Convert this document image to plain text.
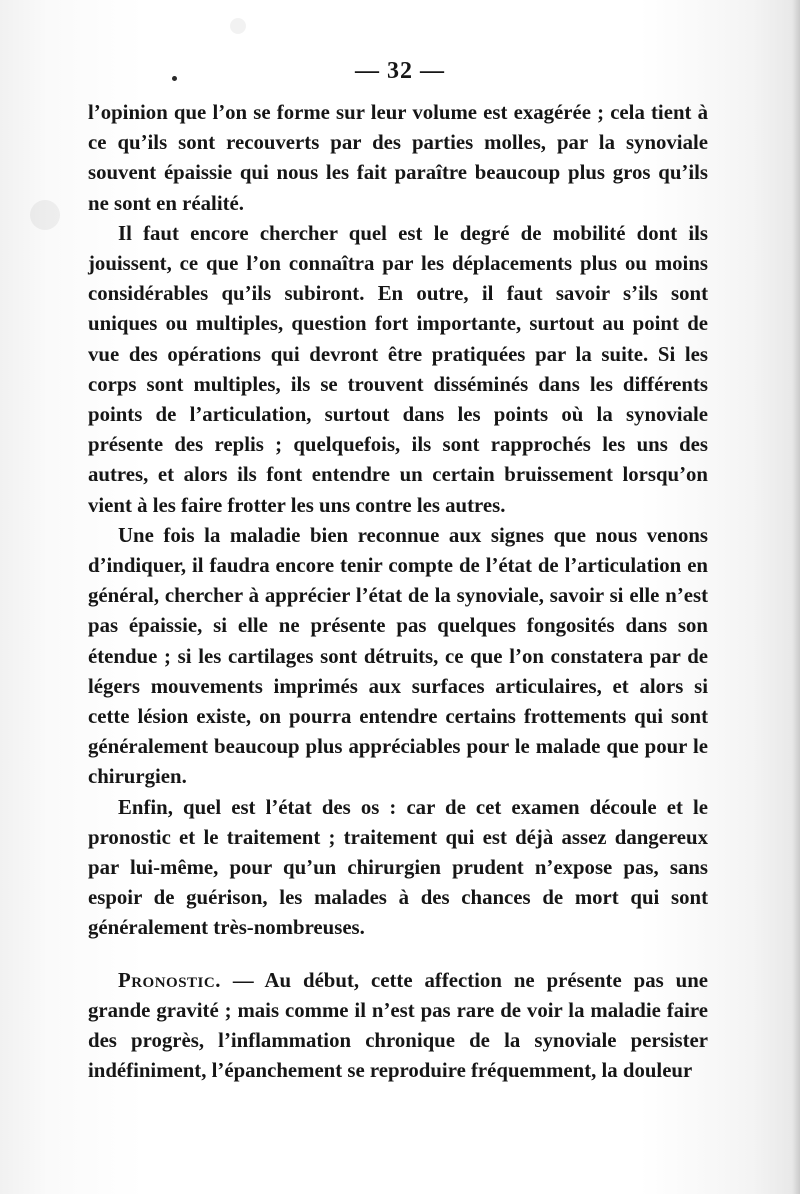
— 32 —

l’opinion que l’on se forme sur leur volume est exagérée ; cela tient à ce qu’ils sont recouverts par des parties molles, par la synoviale souvent épaissie qui nous les fait paraître beaucoup plus gros qu’ils ne sont en réalité.

Il faut encore chercher quel est le degré de mobilité dont ils jouissent, ce que l’on connaîtra par les déplacements plus ou moins considérables qu’ils subiront. En outre, il faut savoir s’ils sont uniques ou multiples, question fort importante, surtout au point de vue des opérations qui devront être pratiquées par la suite. Si les corps sont multiples, ils se trouvent disséminés dans les différents points de l’articulation, surtout dans les points où la synoviale présente des replis ; quelquefois, ils sont rapprochés les uns des autres, et alors ils font entendre un certain bruissement lorsqu’on vient à les faire frotter les uns contre les autres.

Une fois la maladie bien reconnue aux signes que nous venons d’indiquer, il faudra encore tenir compte de l’état de l’articulation en général, chercher à apprécier l’état de la synoviale, savoir si elle n’est pas épaissie, si elle ne présente pas quelques fongosités dans son étendue ; si les cartilages sont détruits, ce que l’on constatera par de légers mouvements imprimés aux surfaces articulaires, et alors si cette lésion existe, on pourra entendre certains frottements qui sont généralement beaucoup plus appréciables pour le malade que pour le chirurgien.

Enfin, quel est l’état des os : car de cet examen découle et le pronostic et le traitement ; traitement qui est déjà assez dangereux par lui-même, pour qu’un chirurgien prudent n’expose pas, sans espoir de guérison, les malades à des chances de mort qui sont généralement très-nombreuses.

Pronostic. — Au début, cette affection ne présente pas une grande gravité ; mais comme il n’est pas rare de voir la maladie faire des progrès, l’inflammation chronique de la synoviale persister indéfiniment, l’épanchement se reproduire fréquemment, la douleur
